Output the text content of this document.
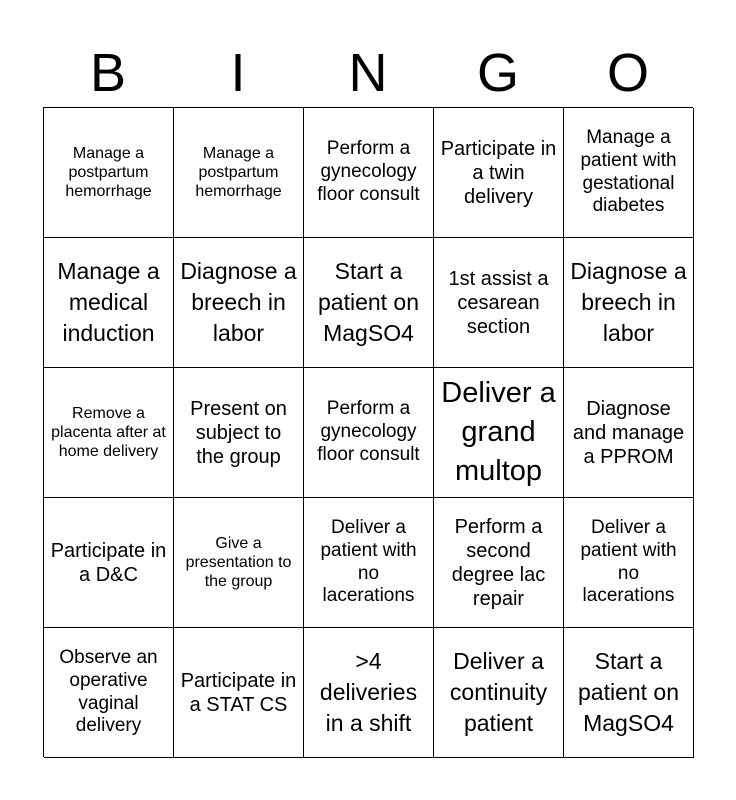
B	I	N	G	O
Manage a postpartum hemorrhage
Manage a postpartum hemorrhage
Perform a gynecology floor consult
Participate in a twin delivery
Manage a patient with gestational diabetes
Manage a medical induction
Diagnose a breech in labor
Start a patient on MagSO4
1st assist a cesarean section
Diagnose a breech in labor
Remove a placenta after at home delivery
Present on subject to the group
Perform a gynecology floor consult
Deliver a grand multop
Diagnose and manage a PPROM
Participate in a D&C
Give a presentation to the group
Deliver a patient with no lacerations
Perform a second degree lac repair
Deliver a patient with no lacerations
Observe an operative vaginal delivery
Participate in a STAT CS
>4 deliveries in a shift
Deliver a continuity patient
Start a patient on MagSO4
